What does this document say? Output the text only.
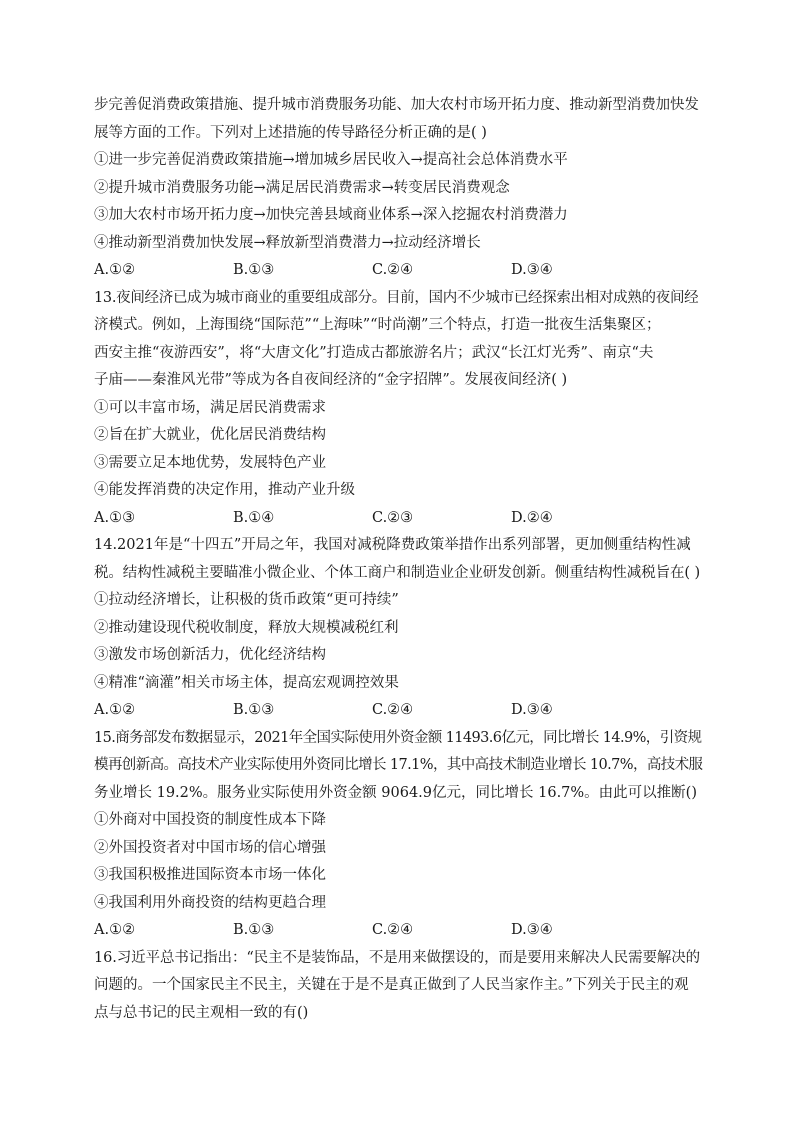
步完善促消费政策措施、提升城市消费服务功能、加大农村市场开拓力度、推动新型消费加快发

展等方面的工作。下列对上述措施的传导路径分析正确的是( )

①进一步完善促消费政策措施→增加城乡居民收入→提高社会总体消费水平

②提升城市消费服务功能→满足居民消费需求→转变居民消费观念

③加大农村市场开拓力度→加快完善县域商业体系→深入挖掘农村消费潜力

④推动新型消费加快发展→释放新型消费潜力→拉动经济增长

A.①②	B.①③	C.②④	D.③④

13.夜间经济已成为城市商业的重要组成部分。目前，国内不少城市已经探索出相对成熟的夜间经

济模式。例如，上海围绕“国际范”“上海味”“时尚潮”三个特点，打造一批夜生活集聚区；

西安主推“夜游西安”，将“大唐文化”打造成古都旅游名片；武汉“长江灯光秀”、南京“夫

子庙——秦淮风光带”等成为各自夜间经济的“金字招牌”。发展夜间经济( )

①可以丰富市场，满足居民消费需求

②旨在扩大就业，优化居民消费结构

③需要立足本地优势，发展特色产业

④能发挥消费的决定作用，推动产业升级

A.①③	B.①④	C.②③	D.②④

14.2021年是“十四五”开局之年，我国对减税降费政策举措作出系列部署，更加侧重结构性减

税。结构性减税主要瞄准小微企业、个体工商户和制造业企业研发创新。侧重结构性减税旨在( )

①拉动经济增长，让积极的货币政策“更可持续”

②推动建设现代税收制度，释放大规模减税红利

③激发市场创新活力，优化经济结构

④精准“滴灌”相关市场主体，提高宏观调控效果

A.①②	B.①③	C.②④	D.③④

15.商务部发布数据显示，2021年全国实际使用外资金额 11493.6亿元，同比增长 14.9%，引资规

模再创新高。高技术产业实际使用外资同比增长 17.1%，其中高技术制造业增长 10.7%，高技术服

务业增长 19.2%。服务业实际使用外资金额 9064.9亿元，同比增长 16.7%。由此可以推断()

①外商对中国投资的制度性成本下降

②外国投资者对中国市场的信心增强

③我国积极推进国际资本市场一体化

④我国利用外商投资的结构更趋合理

A.①②	B.①③	C.②④	D.③④

16.习近平总书记指出：“民主不是装饰品，不是用来做摆设的，而是要用来解决人民需要解决的

问题的。一个国家民主不民主，关键在于是不是真正做到了人民当家作主。”下列关于民主的观

点与总书记的民主观相一致的有()
